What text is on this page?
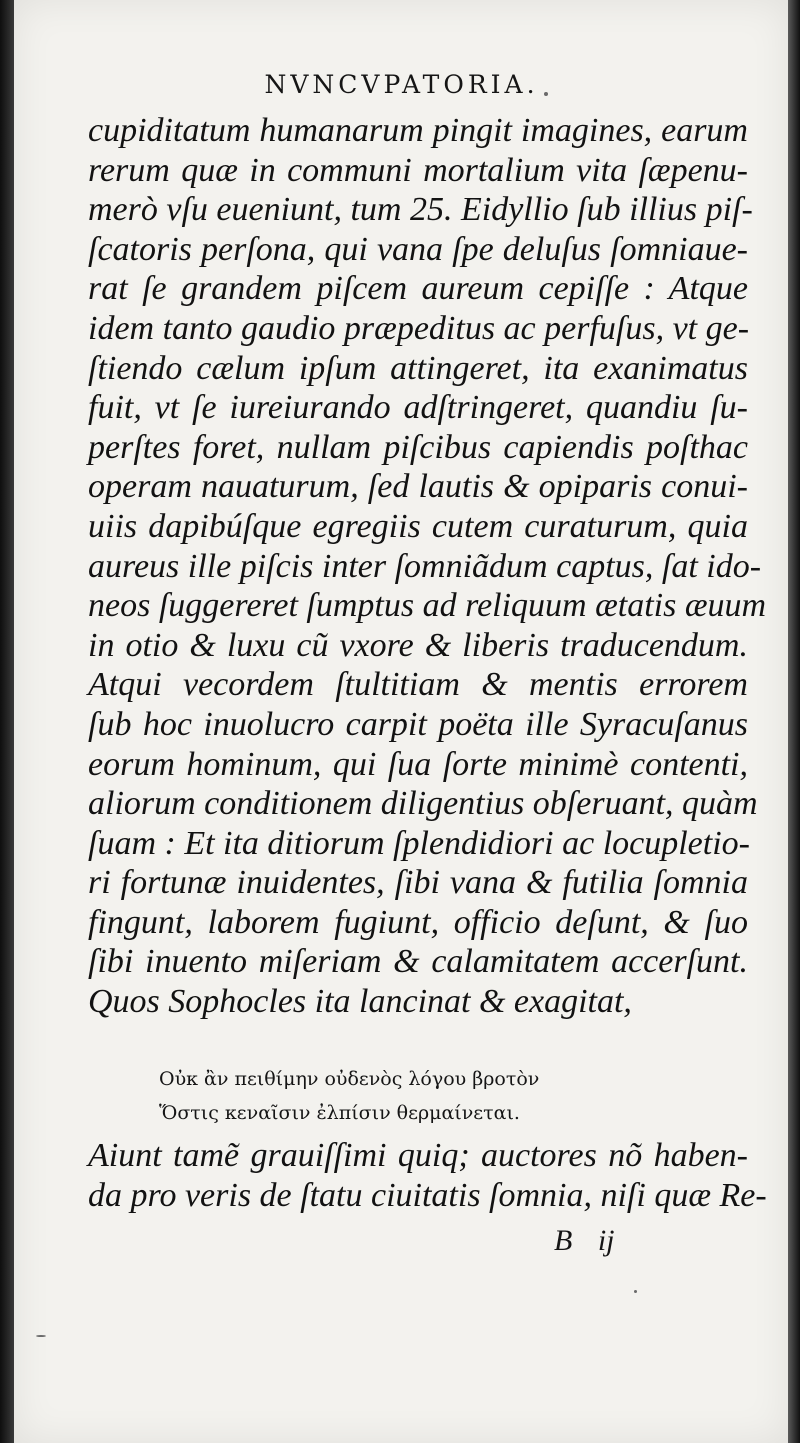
NVNCVPATORIA.
cupiditatum humanarum pingit imagines, earum
rerum quæ in communi mortalium vita ſæpenu-
merò vſu eueniunt, tum 25. Eidyllio ſub illius piſ-
ſcatoris perſona, qui vana ſpe deluſus ſomniaue-
rat ſe grandem piſcem aureum cepiſſe : Atque
idem tanto gaudio præpeditus ac perfuſus, vt ge-
ſtiendo cælum ipſum attingeret, ita exanimatus
fuit, vt ſe iureiurando adſtringeret, quandiu ſu-
perſtes foret, nullam piſcibus capiendis poſthac
operam nauaturum, ſed lautis & opiparis conui-
uiis dapibúſque egregiis cutem curaturum, quia
aureus ille piſcis inter ſomniãdum captus, ſat ido-
neos ſuggereret ſumptus ad reliquum ætatis æuum
in otio & luxu cũ vxore & liberis traducendum.
Atqui vecordem ſtultitiam & mentis errorem
ſub hoc inuolucro carpit poëta ille Syracuſanus
eorum hominum, qui ſua ſorte minimè contenti,
aliorum conditionem diligentius obſeruant, quàm
ſuam : Et ita ditiorum ſplendidiori ac locupletio-
ri fortunæ inuidentes, ſibi vana & futilia ſomnia
fingunt, laborem fugiunt, officio deſunt, & ſuo
ſibi inuento miſeriam & calamitatem accerſunt.
Quos Sophocles ita lancinat & exagitat,
Οὐκ ἂν πειθίμην οὐδενὸς λόγου βροτὸν
Ὅστις κεναῖσιν ἐλπίσιν θερμαίνεται.
Aiunt tamẽ grauiſſimi quiq; auctores nõ haben-
da pro veris de ſtatu ciuitatis ſomnia, niſi quæ Re-
B ij
